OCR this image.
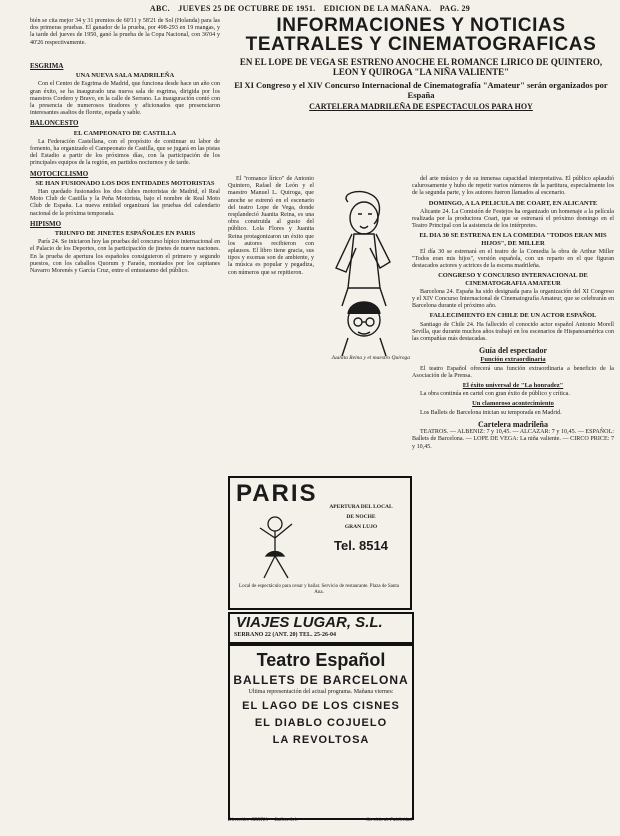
ABC. JUEVES 25 DE OCTUBRE DE 1951. EDICION DE LA MAÑANA. PAG. 29
bién se cita mejor 34 y 31 premios de 60'11 y 58'21 de Sol (Holanda) para las dos primeras pruebas. El ganador de la prueba, por 498-293 en 19 mangas, y la tarde del jueves de 1950, ganó la prueba de la Copa Nacional, con 36'04 y 40'26 respectivamente.
ESGRIMA
UNA NUEVA SALA MADRILEÑA

Con el Centro de Esgrima de Madrid, que funciona desde hace un año con gran éxito, se ha inaugurado una nueva sala de esgrima, dirigida por los maestros Cordero y Bravo, en la calle de Serrano. La inauguración contó con la presencia de numerosos tiradores y aficionados que presenciaron interesantes asaltos de florete, espada y sable.

BALONCESTO
EL CAMPEONATO DE CASTILLA

La Federación Castellana, con el propósito de continuar su labor de fomento, ha organizado el Campeonato de Castilla, que se jugará en las pistas del Estadio a partir de los próximos días, con la participación de los principales equipos de la región, en partidos nocturnos y de tarde.

MOTOCICLISMO
SE HAN FUSIONADO LOS DOS ENTIDADES MOTORISTAS

Han quedado fusionados los dos clubes motoristas de Madrid, el Real Moto Club de Castilla y la Peña Motorista, bajo el nombre de Real Moto Club de España. La nueva entidad organizará las pruebas del calendario nacional de la próxima temporada.

HIPISMO
TRIUNFO DE JINETES ESPAÑOLES EN PARIS

París 24. Se iniciaron hoy las pruebas del concurso hípico internacional en el Palacio de los Deportes, con la participación de jinetes de nueve naciones. En la prueba de apertura los españoles consiguieron el primero y segundo puestos, con los caballos Quorum y Faraón, montados por los capitanes Navarro Morenés y García Cruz, entre el entusiasmo del público.

INFORMACIONES Y NOTICIAS
TEATRALES Y CINEMATOGRAFICAS
EN EL LOPE DE VEGA SE ESTRENO ANOCHE EL ROMANCE LIRICO DE QUINTERO, LEON Y QUIROGA "LA NIÑA VALIENTE"
El XI Congreso y el XIV Concurso Internacional de Cinematografía "Amateur" serán organizados por España
CARTELERA MADRILEÑA DE ESPECTACULOS PARA HOY

El "romance lírico" de Antonio Quintero, Rafael de León y el maestro Manuel L. Quiroga, que anoche se estrenó en el escenario del teatro Lope de Vega, donde resplandeció Juanita Reina, es una obra construida al gusto del público. Lola Flores y Juanita Reina protagonizaron un éxito que los autores recibieron con aplausos. El libro tiene gracia, sus tipos y escenas son de ambiente, y la música es popular y pegadiza, con números que se repitieron.

Juanita Reina y el maestro Quiroga

del arte músico y de su inmensa capacidad interpretativa. El público aplaudió calurosamente y hubo de repetir varios números de la partitura, especialmente los de la segunda parte, y los autores fueron llamados al escenario.

DOMINGO, A LA PELICULA DE COART, EN ALICANTE

Alicante 24. La Comisión de Festejos ha organizado un homenaje a la película realizada por la productora Coart, que se estrenará el próximo domingo en el Teatro Principal con la asistencia de los intérpretes.

EL DIA 30 SE ESTRENA EN LA COMEDIA "TODOS ERAN MIS HIJOS", DE MILLER

El día 30 se estrenará en el teatro de la Comedia la obra de Arthur Miller "Todos eran mis hijos", versión española, con un reparto en el que figuran destacados actores y actrices de la escena madrileña.

CONGRESO Y CONCURSO INTERNACIONAL DE CINEMATOGRAFIA AMATEUR

Barcelona 24. España ha sido designada para la organización del XI Congreso y el XIV Concurso Internacional de Cinematografía Amateur, que se celebrarán en Barcelona durante el próximo año.

FALLECIMIENTO EN CHILE DE UN ACTOR ESPAÑOL

Santiago de Chile 24. Ha fallecido el conocido actor español Antonio Morell Sevilla, que durante muchos años trabajó en los escenarios de Hispanoamérica con las compañías más destacadas.

Guía del espectador
Función extraordinaria

El teatro Español ofrecerá una función extraordinaria a beneficio de la Asociación de la Prensa.

El éxito universal de "La honradez"

La obra continúa en cartel con gran éxito de público y crítica.

Un clamoroso acontecimiento

Los Ballets de Barcelona inician su temporada en Madrid.

Cartelera madrileña

TEATROS. — ALBENIZ: 7 y 10,45. — ALCAZAR: 7 y 10,45. — ESPAÑOL: Ballets de Barcelona. — LOPE DE VEGA: La niña valiente. — CIRCO PRICE: 7 y 10,45.

PARIS	APERTURA DEL LOCAL
DE NOCHE
GRAN LUJO
Tel. 8514
Local de espectáculo para cenar y bailar. Servicio de restaurante. Plaza de Santa Ana.
VIAJES LUGAR, S.L.
SERRANO 22 (ANT. 20) TEL. 25-26-04
Teatro Español
BALLETS DE BARCELONA
Ultima representación del actual programa. Mañana viernes:
EL LAGO DE LOS CISNES
EL DIABLO COJUELO
LA REVOLTOSA
Dirección: CERTIA — Ballets S.A.	Servicio de Publicidad
